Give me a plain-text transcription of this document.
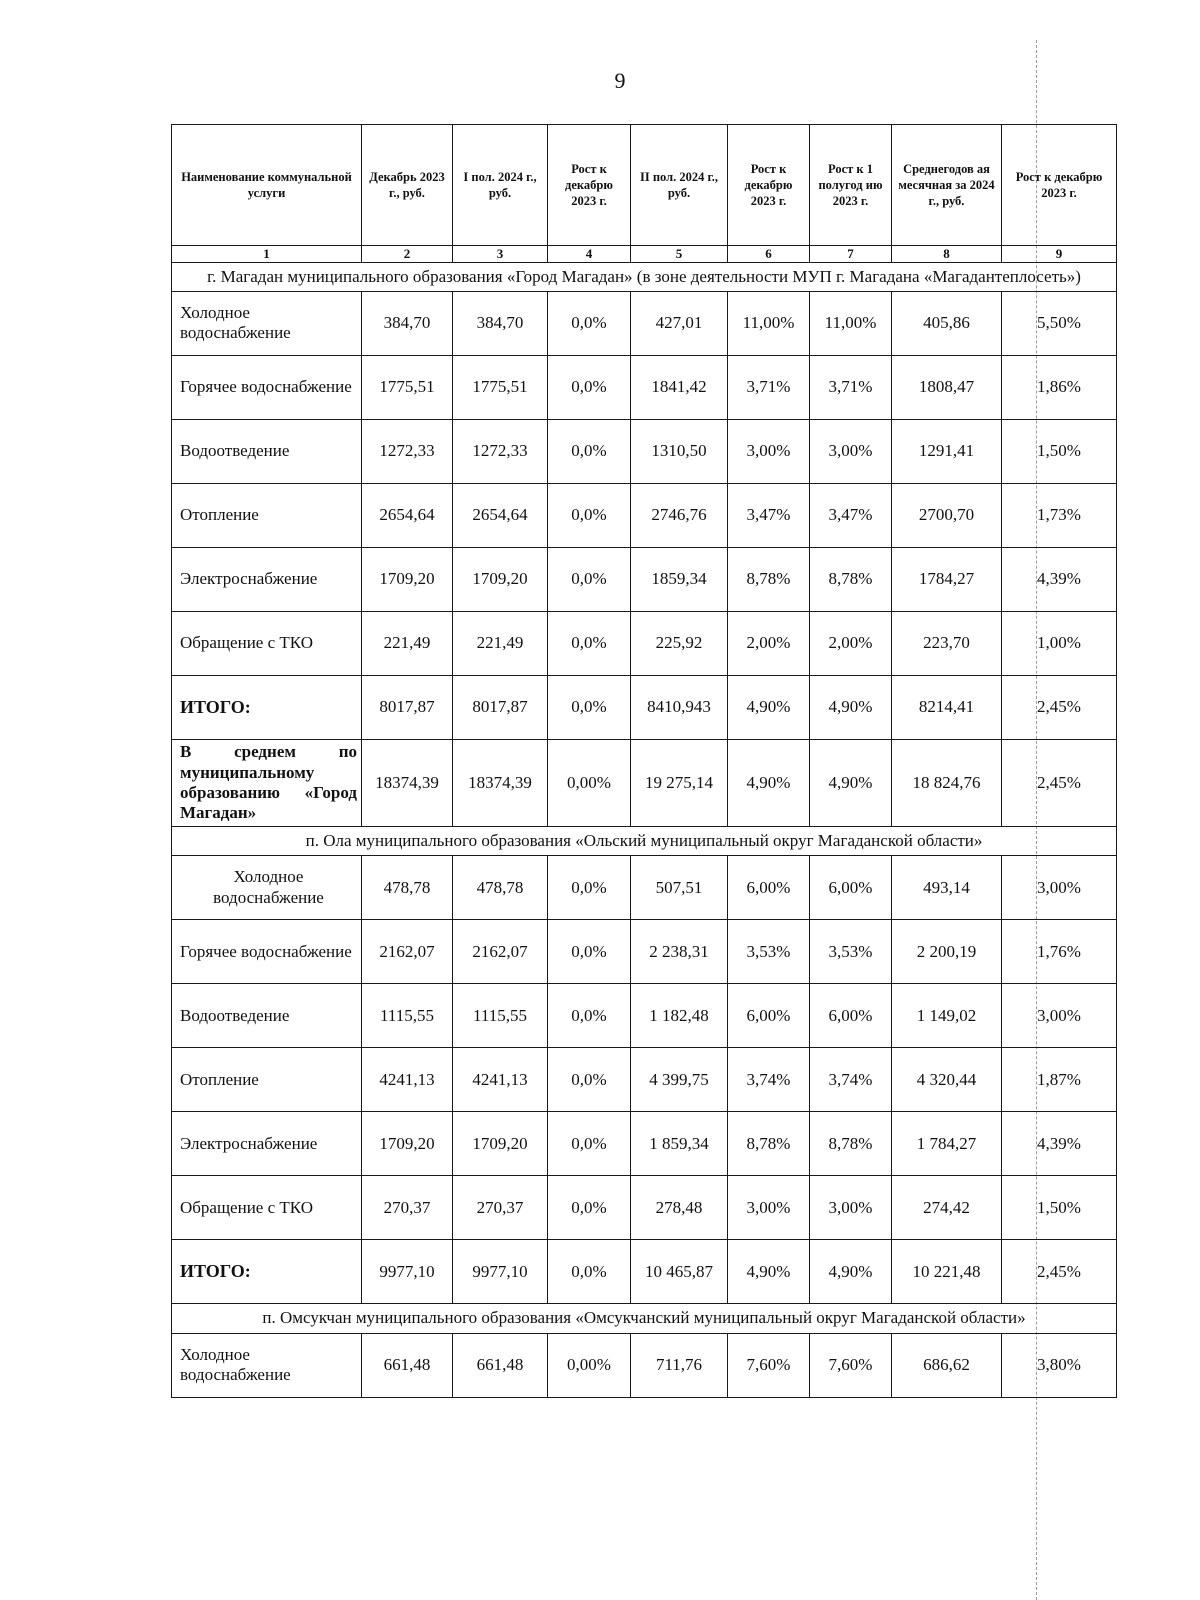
9
Наименование коммунальной услуги	Декабрь 2023 г., руб.	I пол. 2024 г., руб.	Рост к декабрю 2023 г.	II пол. 2024 г., руб.	Рост к декабрю 2023 г.	Рост к 1 полугод ию 2023 г.	Среднегодов ая месячная за 2024 г., руб.	Рост к декабрю 2023 г.
1	2	3	4	5	6	7	8	9
г. Магадан муниципального образования «Город Магадан» (в зоне деятельности МУП г. Магадана «Магадантеплосеть»)								
Холодное водоснабжение	384,70	384,70	0,0%	427,01	11,00%	11,00%	405,86	5,50%
Горячее водоснабжение	1775,51	1775,51	0,0%	1841,42	3,71%	3,71%	1808,47	1,86%
Водоотведение	1272,33	1272,33	0,0%	1310,50	3,00%	3,00%	1291,41	1,50%
Отопление	2654,64	2654,64	0,0%	2746,76	3,47%	3,47%	2700,70	1,73%
Электроснабжение	1709,20	1709,20	0,0%	1859,34	8,78%	8,78%	1784,27	4,39%
Обращение с ТКО	221,49	221,49	0,0%	225,92	2,00%	2,00%	223,70	1,00%
ИТОГО:	8017,87	8017,87	0,0%	8410,943	4,90%	4,90%	8214,41	2,45%
В среднем по муниципальному образованию «Город Магадан»	18374,39	18374,39	0,00%	19 275,14	4,90%	4,90%	18 824,76	2,45%
п. Ола муниципального образования «Ольский муниципальный округ Магаданской области»								
Холодное водоснабжение	478,78	478,78	0,0%	507,51	6,00%	6,00%	493,14	3,00%
Горячее водоснабжение	2162,07	2162,07	0,0%	2 238,31	3,53%	3,53%	2 200,19	1,76%
Водоотведение	1115,55	1115,55	0,0%	1 182,48	6,00%	6,00%	1 149,02	3,00%
Отопление	4241,13	4241,13	0,0%	4 399,75	3,74%	3,74%	4 320,44	1,87%
Электроснабжение	1709,20	1709,20	0,0%	1 859,34	8,78%	8,78%	1 784,27	4,39%
Обращение с ТКО	270,37	270,37	0,0%	278,48	3,00%	3,00%	274,42	1,50%
ИТОГО:	9977,10	9977,10	0,0%	10 465,87	4,90%	4,90%	10 221,48	2,45%
п. Омсукчан муниципального образования «Омсукчанский муниципальный округ Магаданской области»								
Холодное водоснабжение	661,48	661,48	0,00%	711,76	7,60%	7,60%	686,62	3,80%
